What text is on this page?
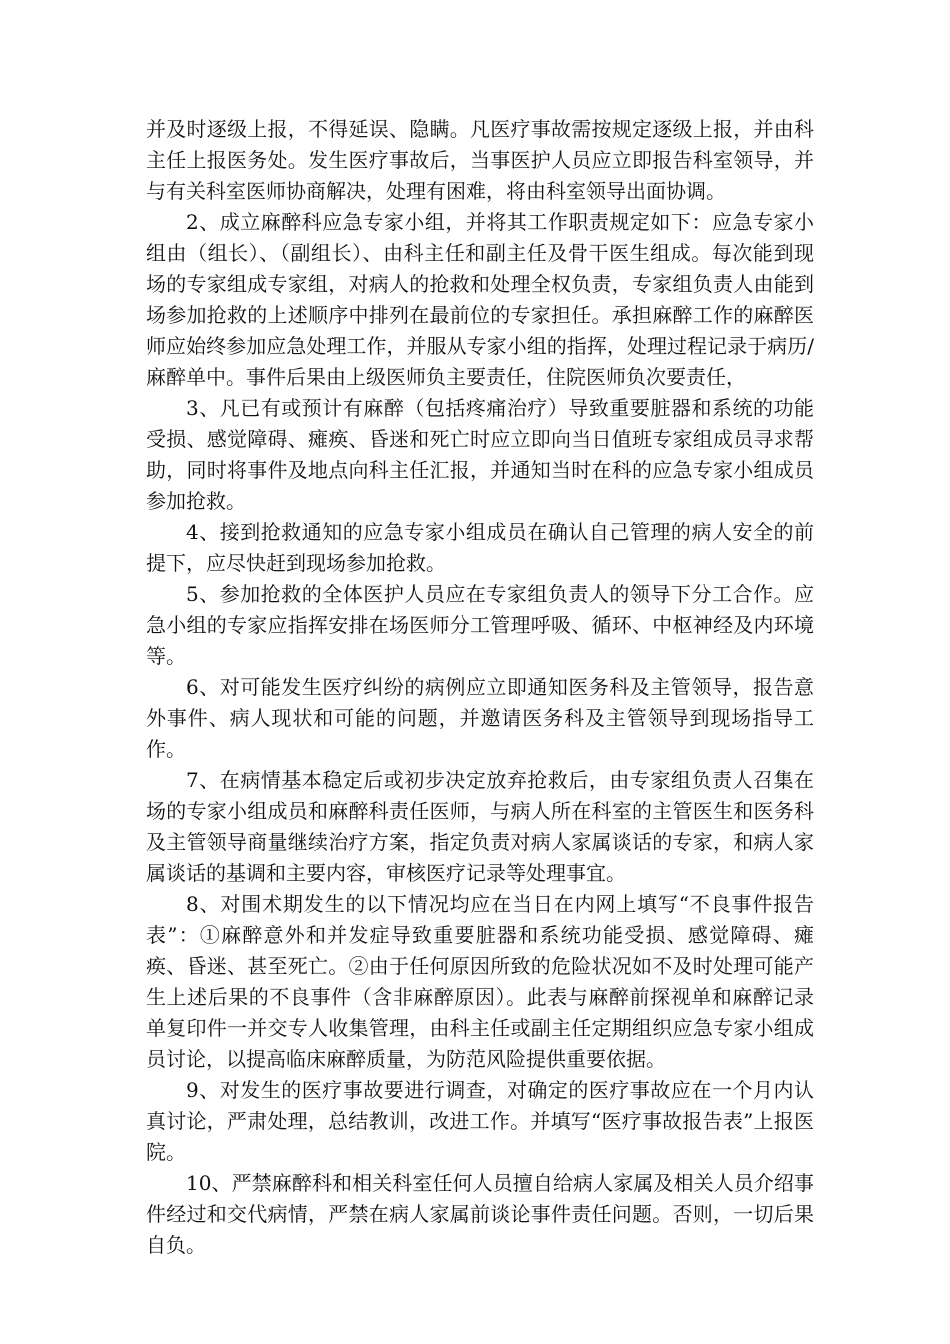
并及时逐级上报，不得延误、隐瞒。凡医疗事故需按规定逐级上报，并由科主任上报医务处。发生医疗事故后，当事医护人员应立即报告科室领导，并与有关科室医师协商解决，处理有困难，将由科室领导出面协调。

2、成立麻醉科应急专家小组，并将其工作职责规定如下：应急专家小组由（组长）、（副组长）、由科主任和副主任及骨干医生组成。每次能到现场的专家组成专家组，对病人的抢救和处理全权负责，专家组负责人由能到场参加抢救的上述顺序中排列在最前位的专家担任。承担麻醉工作的麻醉医师应始终参加应急处理工作，并服从专家小组的指挥，处理过程记录于病历/麻醉单中。事件后果由上级医师负主要责任，住院医师负次要责任，

3、凡已有或预计有麻醉（包括疼痛治疗）导致重要脏器和系统的功能受损、感觉障碍、瘫痪、昏迷和死亡时应立即向当日值班专家组成员寻求帮助，同时将事件及地点向科主任汇报，并通知当时在科的应急专家小组成员参加抢救。

4、接到抢救通知的应急专家小组成员在确认自己管理的病人安全的前提下，应尽快赶到现场参加抢救。

5、参加抢救的全体医护人员应在专家组负责人的领导下分工合作。应急小组的专家应指挥安排在场医师分工管理呼吸、循环、中枢神经及内环境等。

6、对可能发生医疗纠纷的病例应立即通知医务科及主管领导，报告意外事件、病人现状和可能的问题，并邀请医务科及主管领导到现场指导工作。

7、在病情基本稳定后或初步决定放弃抢救后，由专家组负责人召集在场的专家小组成员和麻醉科责任医师，与病人所在科室的主管医生和医务科及主管领导商量继续治疗方案，指定负责对病人家属谈话的专家，和病人家属谈话的基调和主要内容，审核医疗记录等处理事宜。

8、对围术期发生的以下情况均应在当日在内网上填写“不良事件报告表”：①麻醉意外和并发症导致重要脏器和系统功能受损、感觉障碍、瘫痪、昏迷、甚至死亡。②由于任何原因所致的危险状况如不及时处理可能产生上述后果的不良事件（含非麻醉原因）。此表与麻醉前探视单和麻醉记录单复印件一并交专人收集管理，由科主任或副主任定期组织应急专家小组成员讨论，以提高临床麻醉质量，为防范风险提供重要依据。

9、对发生的医疗事故要进行调查，对确定的医疗事故应在一个月内认真讨论，严肃处理，总结教训，改进工作。并填写“医疗事故报告表”上报医院。

10、严禁麻醉科和相关科室任何人员擅自给病人家属及相关人员介绍事件经过和交代病情，严禁在病人家属前谈论事件责任问题。否则，一切后果自负。
